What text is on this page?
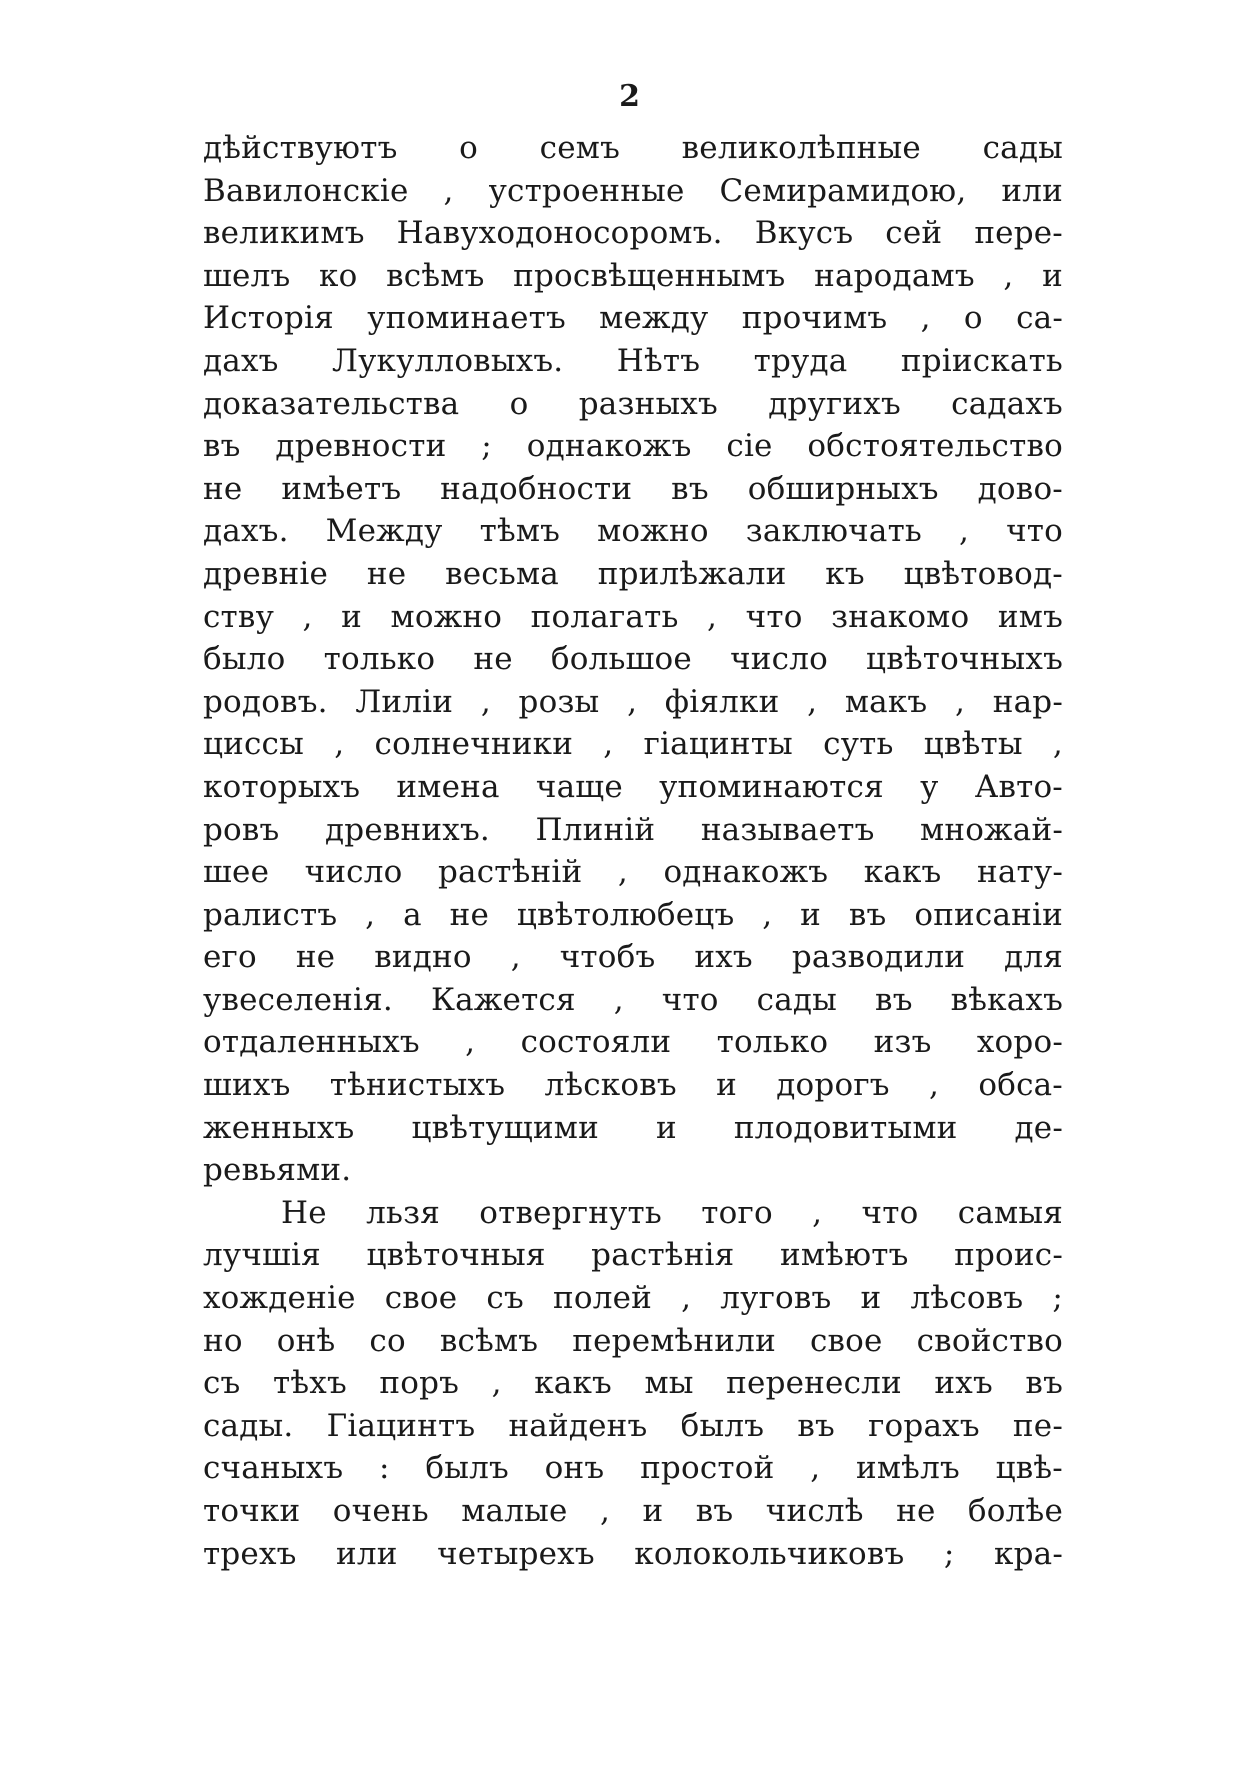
2
дѣйствуютъ о семъ великолѣпные сады
Вавилонскіе , устроенные Семирамидою, или
великимъ Навуходоносоромъ. Вкусъ сей пере-
шелъ ко всѣмъ просвѣщеннымъ народамъ , и
Исторія упоминаетъ между прочимъ , о са-
дахъ Лукулловыхъ. Нѣтъ труда пріискать
доказательства о разныхъ другихъ садахъ
въ древности ; однакожъ сіе обстоятельство
не имѣетъ надобности въ обширныхъ дово-
дахъ. Между тѣмъ можно заключать , что
древніе не весьма прилѣжали къ цвѣтовод-
ству , и можно полагать , что знакомо имъ
было только не большое число цвѣточныхъ
родовъ. Лиліи , розы , фіялки , макъ , нар-
циссы , солнечники , гіацинты суть цвѣты ,
которыхъ имена чаще упоминаются у Авто-
ровъ древнихъ. Плиній называетъ множай-
шее число растѣній , однакожъ какъ нату-
ралистъ , а не цвѣтолюбецъ , и въ описаніи
его не видно , чтобъ ихъ разводили для
увеселенія. Кажется , что сады въ вѣкахъ
отдаленныхъ , состояли только изъ хоро-
шихъ тѣнистыхъ лѣсковъ и дорогъ , обса-
женныхъ цвѣтущими и плодовитыми де-
ревьями.
Не льзя отвергнуть того , что самыя
лучшія цвѣточныя растѣнія имѣютъ проис-
хожденіе свое съ полей , луговъ и лѣсовъ ;
но онѣ со всѣмъ перемѣнили свое свойство
съ тѣхъ поръ , какъ мы перенесли ихъ въ
сады. Гіацинтъ найденъ былъ въ горахъ пе-
счаныхъ : былъ онъ простой , имѣлъ цвѣ-
точки очень малые , и въ числѣ не болѣе
трехъ или четырехъ колокольчиковъ ; кра-
